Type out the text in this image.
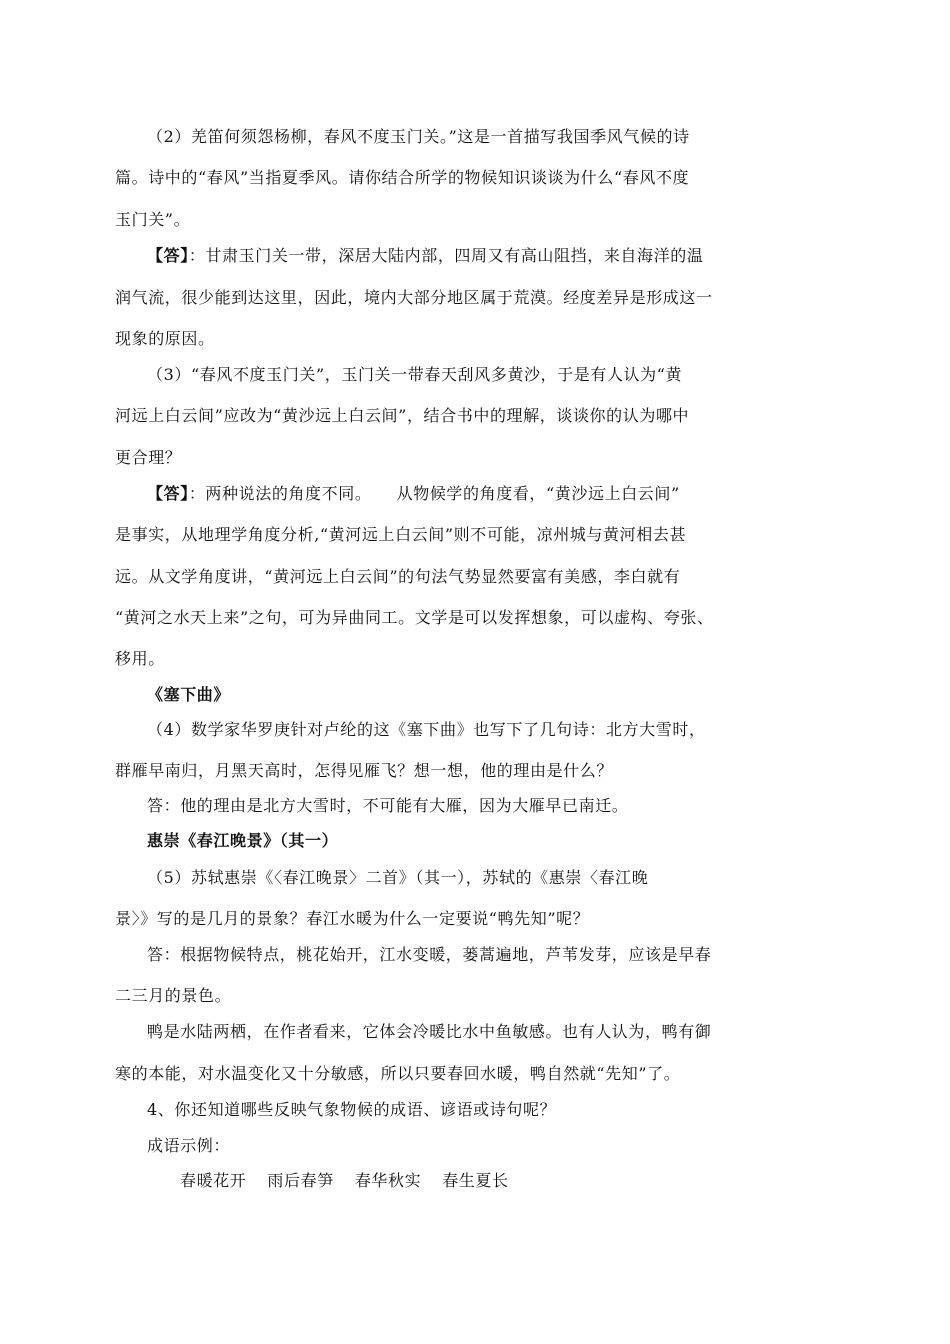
（2）羌笛何须怨杨柳，春风不度玉门关。”这是一首描写我国季风气候的诗
篇。诗中的“春风”当指夏季风。请你结合所学的物候知识谈谈为什么“春风不度
玉门关”。
【答】：甘肃玉门关一带，深居大陆内部，四周又有高山阻挡，来自海洋的温
润气流，很少能到达这里，因此，境内大部分地区属于荒漠。经度差异是形成这一
现象的原因。
（3）“春风不度玉门关”，玉门关一带春天刮风多黄沙，于是有人认为“黄
河远上白云间”应改为“黄沙远上白云间”，结合书中的理解，谈谈你的认为哪中
更合理？
【答】：两种说法的角度不同。　　从物候学的角度看，“黄沙远上白云间”
是事实，从地理学角度分析,“黄河远上白云间”则不可能，凉州城与黄河相去甚
远。从文学角度讲，“黄河远上白云间”的句法气势显然要富有美感，李白就有
“黄河之水天上来”之句，可为异曲同工。文学是可以发挥想象，可以虚构、夸张、
移用。
《塞下曲》
（4）数学家华罗庚针对卢纶的这《塞下曲》也写下了几句诗：北方大雪时，
群雁早南归，月黑天高时，怎得见雁飞？想一想，他的理由是什么？
答：他的理由是北方大雪时，不可能有大雁，因为大雁早已南迁。
惠崇《春江晚景》（其一）
（5）苏轼惠崇《〈春江晚景〉二首》（其一），苏轼的《惠崇〈春江晚
景〉》写的是几月的景象？春江水暖为什么一定要说“鸭先知”呢？
答：根据物候特点，桃花始开，江水变暖，蒌蒿遍地，芦苇发芽，应该是早春
二三月的景色。
鸭是水陆两栖，在作者看来，它体会冷暖比水中鱼敏感。也有人认为，鸭有御
寒的本能，对水温变化又十分敏感，所以只要春回水暖，鸭自然就“先知”了。
4、你还知道哪些反映气象物候的成语、谚语或诗句呢？
成语示例：
春暖花开 雨后春笋 春华秋实 春生夏长
